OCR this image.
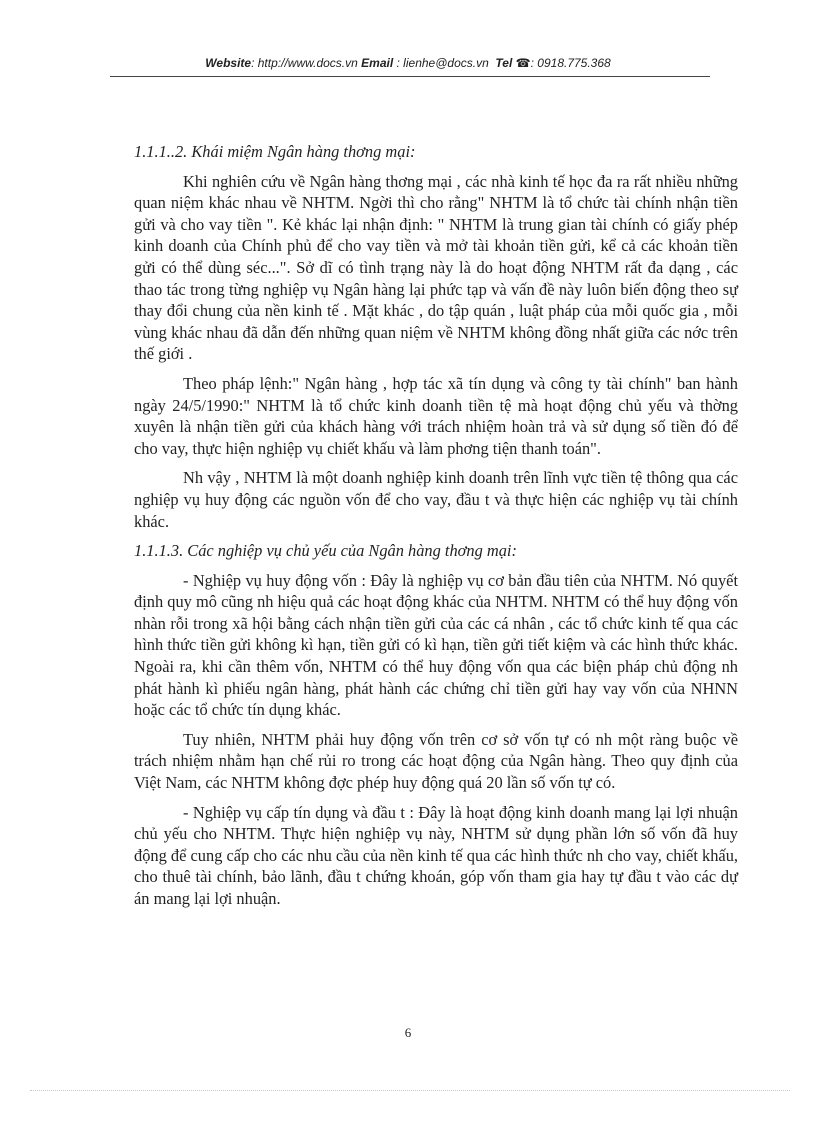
Website: http://www.docs.vn Email : lienhe@docs.vn Tel ☎: 0918.775.368
1.1.1..2. Khái miệm Ngân hàng thơng mại:

Khi nghiên cứu về Ngân hàng thơng mại , các nhà kinh tế học đa ra rất nhiều những quan niệm khác nhau về NHTM. Ngời thì cho rằng" NHTM là tổ chức tài chính nhận tiền gửi và cho vay tiền ". Kẻ khác lại nhận định: " NHTM là trung gian tài chính có giấy phép kinh doanh của Chính phủ để cho vay tiền và mở tài khoản tiền gửi, kể cả các khoản tiền gửi có thể dùng séc...". Sở dĩ có tình trạng này là do hoạt động NHTM rất đa dạng , các thao tác trong từng nghiệp vụ Ngân hàng lại phức tạp và vấn đề này luôn biến động theo sự thay đổi chung của nền kinh tế . Mặt khác , do tập quán , luật pháp của mỗi quốc gia , mỗi vùng khác nhau đã dẫn đến những quan niệm về NHTM không đồng nhất giữa các nớc trên thế giới .

Theo pháp lệnh:" Ngân hàng , hợp tác xã tín dụng và công ty tài chính" ban hành ngày 24/5/1990:" NHTM là tổ chức kinh doanh tiền tệ mà hoạt động chủ yếu và thờng xuyên là nhận tiền gửi của khách hàng với trách nhiệm hoàn trả và sử dụng số tiền đó để cho vay, thực hiện nghiệp vụ chiết khấu và làm phơng tiện thanh toán".

Nh vậy , NHTM là một doanh nghiệp kinh doanh trên lĩnh vực tiền tệ thông qua các nghiệp vụ huy động các nguồn vốn để cho vay, đầu t và thực hiện các nghiệp vụ tài chính khác.

1.1.1.3. Các nghiệp vụ chủ yếu của Ngân hàng thơng mại:

- Nghiệp vụ huy động vốn : Đây là nghiệp vụ cơ bản đầu tiên của NHTM. Nó quyết định quy mô cũng nh hiệu quả các hoạt động khác của NHTM. NHTM có thể huy động vốn nhàn rỗi trong xã hội bằng cách nhận tiền gửi của các cá nhân , các tổ chức kinh tế qua các hình thức tiền gửi không kì hạn, tiền gửi có kì hạn, tiền gửi tiết kiệm và các hình thức khác. Ngoài ra, khi cần thêm vốn, NHTM có thể huy động vốn qua các biện pháp chủ động nh phát hành kì phiếu ngân hàng, phát hành các chứng chỉ tiền gửi hay vay vốn của NHNN hoặc các tổ chức tín dụng khác.

Tuy nhiên, NHTM phải huy động vốn trên cơ sở vốn tự có nh một ràng buộc về trách nhiệm nhằm hạn chế rủi ro trong các hoạt động của Ngân hàng. Theo quy định của Việt Nam, các NHTM không đợc phép huy động quá 20 lần số vốn tự có.

- Nghiệp vụ cấp tín dụng và đầu t : Đây là hoạt động kinh doanh mang lại lợi nhuận chủ yếu cho NHTM. Thực hiện nghiệp vụ này, NHTM sử dụng phần lớn số vốn đã huy động để cung cấp cho các nhu cầu của nền kinh tế qua các hình thức nh cho vay, chiết khấu, cho thuê tài chính, bảo lãnh, đầu t chứng khoán, góp vốn tham gia hay tự đầu t vào các dự án mang lại lợi nhuận.

6
